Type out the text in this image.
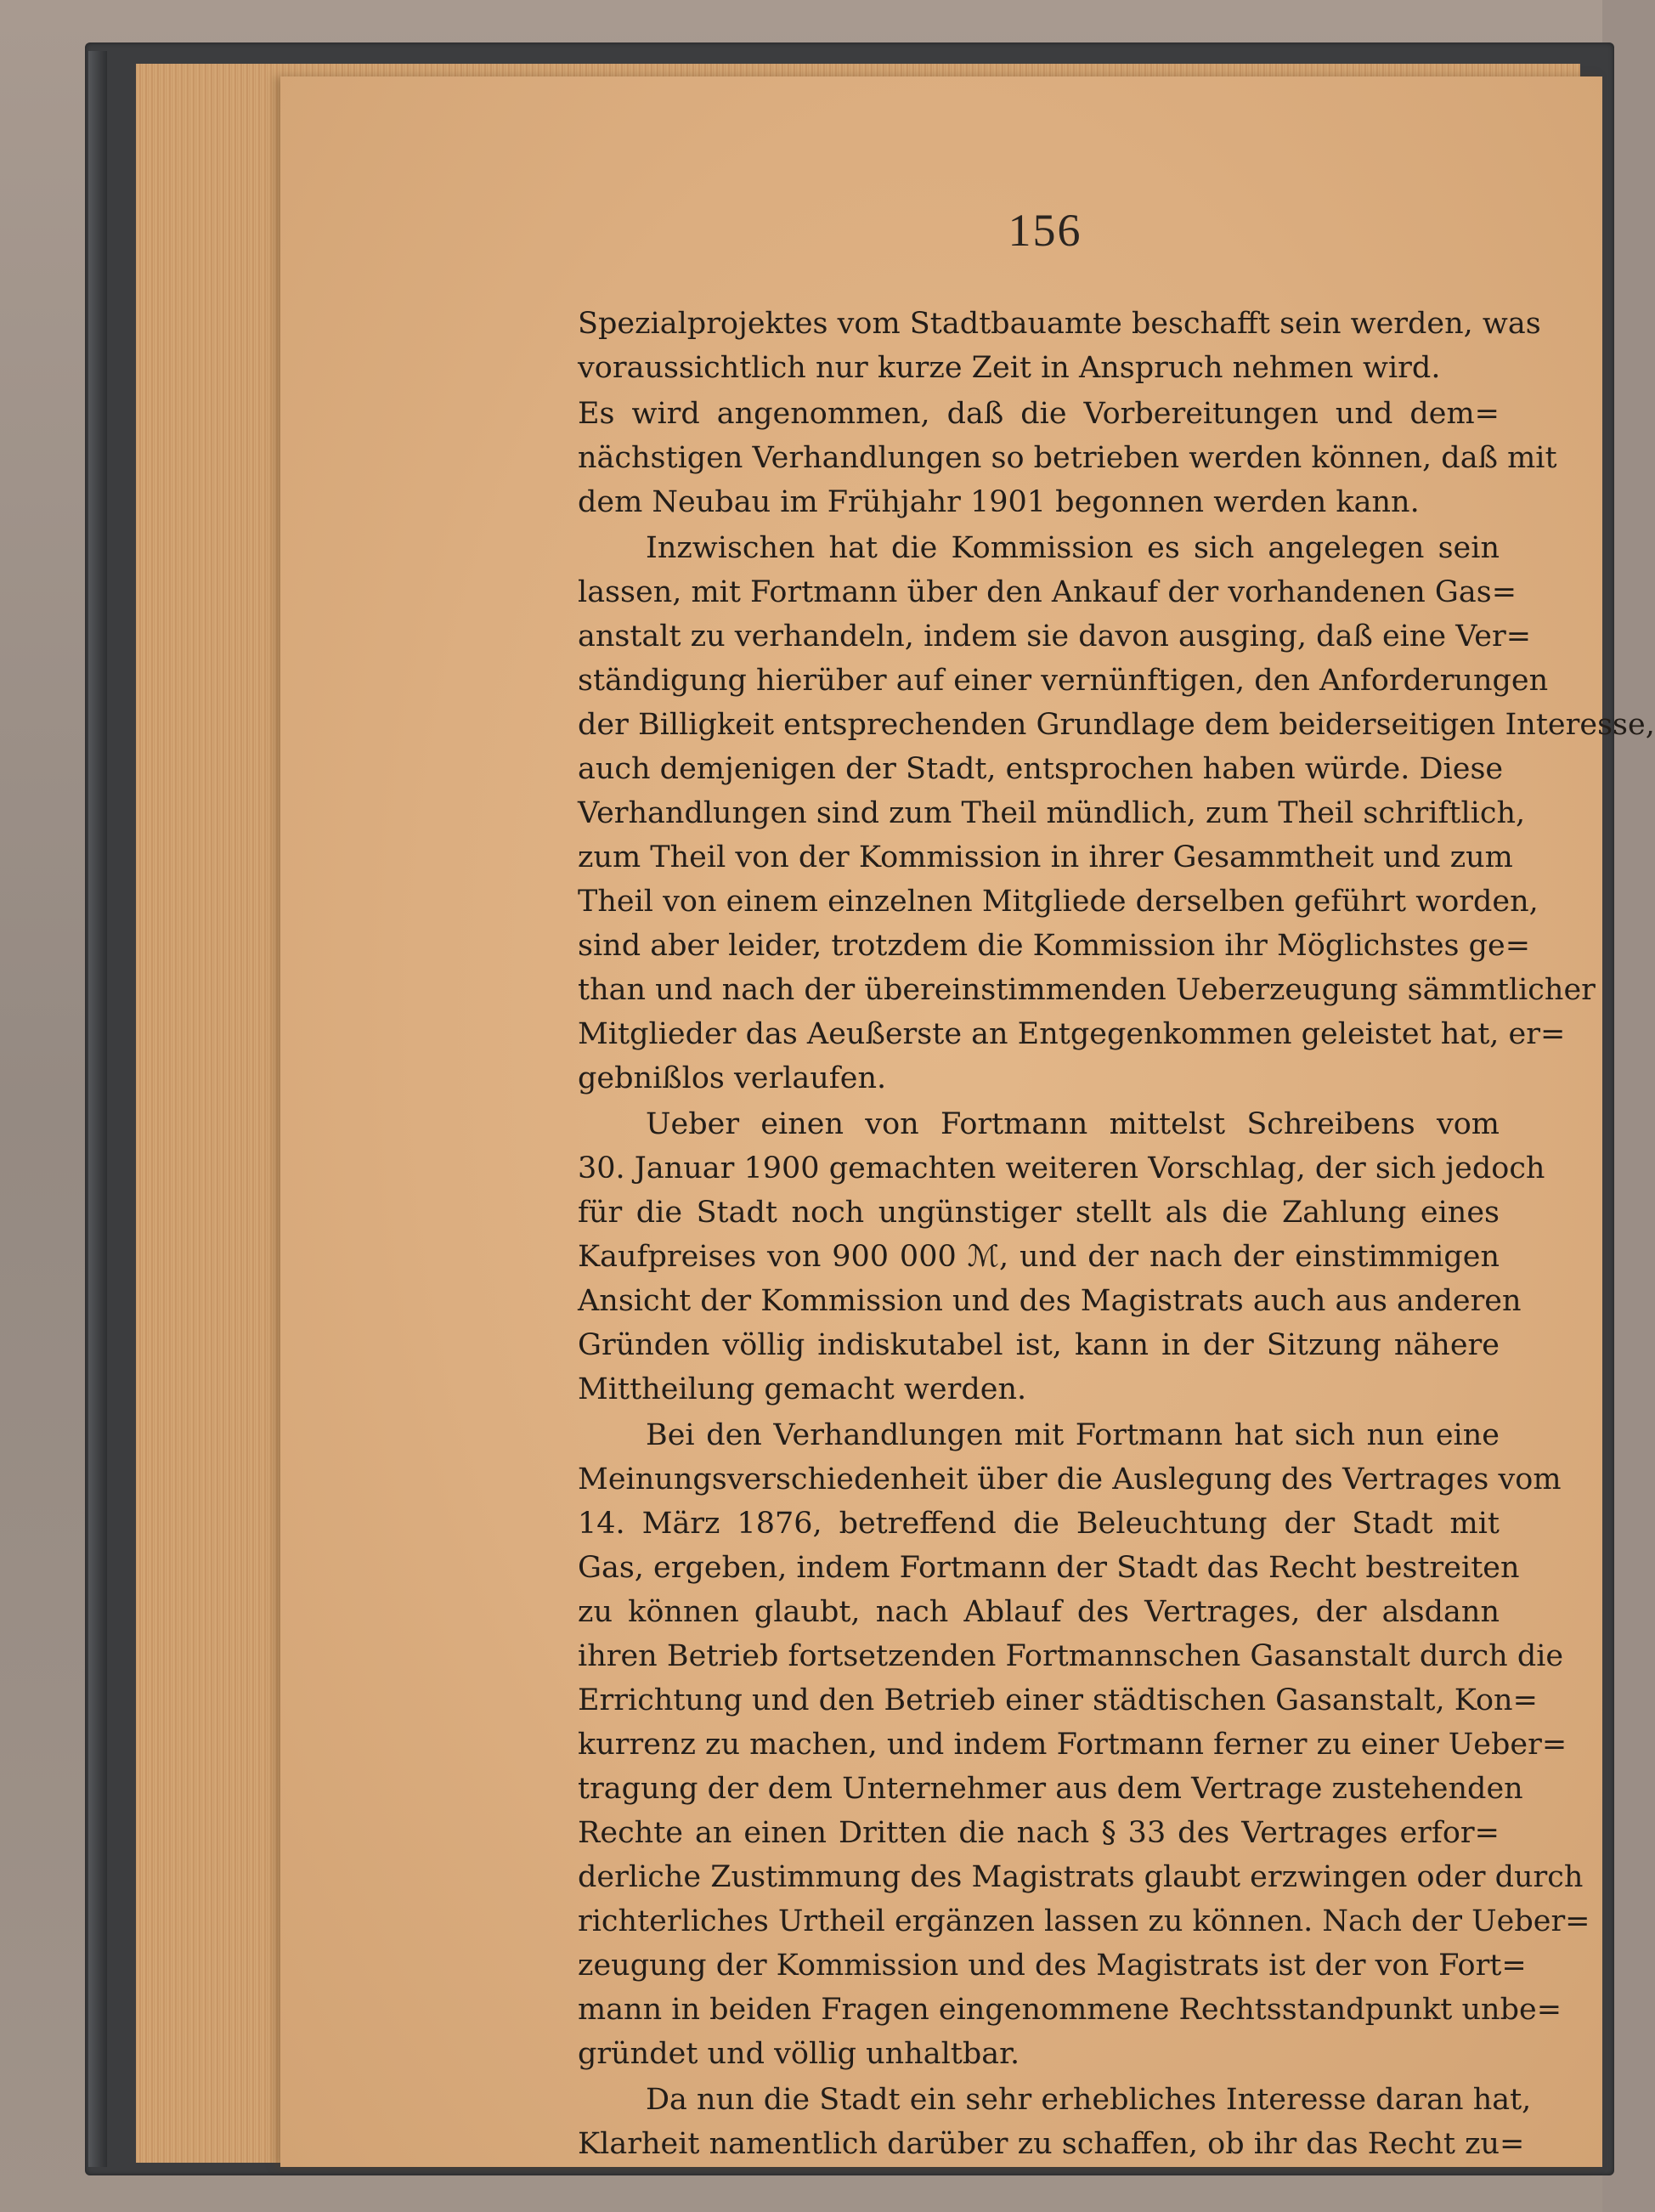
156
Spezialprojektes vom Stadtbauamte beschafft sein werden, was
voraussichtlich nur kurze Zeit in Anspruch nehmen wird.
Es wird angenommen, daß die Vorbereitungen und dem=
nächstigen Verhandlungen so betrieben werden können, daß mit
dem Neubau im Frühjahr 1901 begonnen werden kann.
Inzwischen hat die Kommission es sich angelegen sein
lassen, mit Fortmann über den Ankauf der vorhandenen Gas=
anstalt zu verhandeln, indem sie davon ausging, daß eine Ver=
ständigung hierüber auf einer vernünftigen, den Anforderungen
der Billigkeit entsprechenden Grundlage dem beiderseitigen Interesse,
auch demjenigen der Stadt, entsprochen haben würde. Diese
Verhandlungen sind zum Theil mündlich, zum Theil schriftlich,
zum Theil von der Kommission in ihrer Gesammtheit und zum
Theil von einem einzelnen Mitgliede derselben geführt worden,
sind aber leider, trotzdem die Kommission ihr Möglichstes ge=
than und nach der übereinstimmenden Ueberzeugung sämmtlicher
Mitglieder das Aeußerste an Entgegenkommen geleistet hat, er=
gebnißlos verlaufen.
Ueber einen von Fortmann mittelst Schreibens vom
30. Januar 1900 gemachten weiteren Vorschlag, der sich jedoch
für die Stadt noch ungünstiger stellt als die Zahlung eines
Kaufpreises von 900 000 ℳ, und der nach der einstimmigen
Ansicht der Kommission und des Magistrats auch aus anderen
Gründen völlig indiskutabel ist, kann in der Sitzung nähere
Mittheilung gemacht werden.
Bei den Verhandlungen mit Fortmann hat sich nun eine
Meinungsverschiedenheit über die Auslegung des Vertrages vom
14. März 1876, betreffend die Beleuchtung der Stadt mit
Gas, ergeben, indem Fortmann der Stadt das Recht bestreiten
zu können glaubt, nach Ablauf des Vertrages, der alsdann
ihren Betrieb fortsetzenden Fortmannschen Gasanstalt durch die
Errichtung und den Betrieb einer städtischen Gasanstalt, Kon=
kurrenz zu machen, und indem Fortmann ferner zu einer Ueber=
tragung der dem Unternehmer aus dem Vertrage zustehenden
Rechte an einen Dritten die nach § 33 des Vertrages erfor=
derliche Zustimmung des Magistrats glaubt erzwingen oder durch
richterliches Urtheil ergänzen lassen zu können. Nach der Ueber=
zeugung der Kommission und des Magistrats ist der von Fort=
mann in beiden Fragen eingenommene Rechtsstandpunkt unbe=
gründet und völlig unhaltbar.
Da nun die Stadt ein sehr erhebliches Interesse daran hat,
Klarheit namentlich darüber zu schaffen, ob ihr das Recht zu=
